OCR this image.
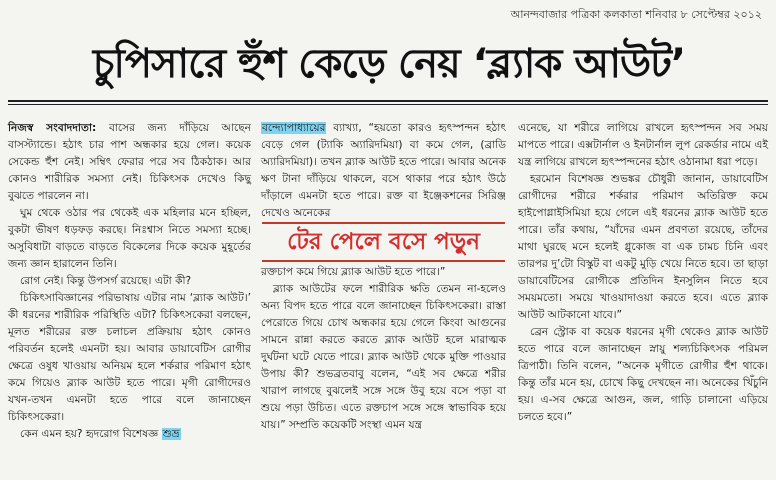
আনন্দবাজার পত্রিকা কলকাতা শনিবার ৮ সেপ্টেম্বর ২০১২
চুপিসারে হুঁশ কেড়ে নেয় ‘ব্ল্যাক আউট’

নিজস্ব সংবাদদাতা: বাসের জন্য দাঁড়িয়ে আছেন বাসস্ট্যান্ডে। হঠাৎ চার পাশ অন্ধকার হয়ে গেল। কয়েক সেকেন্ড হুঁশ নেই। সম্বিৎ ফেরার পরে সব ঠিকঠাক। আর কোনও শারীরিক সমস্যা নেই। চিকিৎসক দেখেও কিছু বুঝতে পারলেন না।

ঘুম থেকে ওঠার পর থেকেই এক মহিলার মনে হচ্ছিল, বুকটা ভীষণ ধড়ফড় করছে। নিঃশ্বাস নিতে সমস্যা হচ্ছে। অসুবিধাটা বাড়তে বাড়তে বিকেলের দিকে কয়েক মুহূর্তের জন্য জ্ঞান হারালেন তিনি।

রোগ নেই। কিন্তু উপসর্গ রয়েছে। এটা কী?

চিকিৎসাবিজ্ঞানের পরিভাষায় এটার নাম ‘ব্ল্যাক আউট।’ কী ধরনের শারীরিক পরিস্থিতি এটা? চিকিৎসকেরা বলছেন, মূলত শরীরের রক্ত চলাচল প্রক্রিয়ায় হঠাৎ কোনও পরিবর্তন হলেই এমনটা হয়। আবার ডায়াবেটিস রোগীর ক্ষেত্রে ওষুধ খাওয়ায় অনিয়ম হলে শর্করার পরিমাণ হঠাৎ কমে গিয়েও ব্ল্যাক আউট হতে পারে। মৃগী রোগীদেরও যখন-তখন এমনটা হতে পারে বলে জানাচ্ছেন চিকিৎসকেরা।

কেন এমন হয়? হৃদরোগ বিশেষজ্ঞ শুভ্র

বন্দ্যোপাধ্যায়ের ব্যাখ্যা, “হয়তো কারও হৃৎস্পন্দন হঠাৎ বেড়ে গেল (ট্যাকি অ্যারিদমিয়া) বা কমে গেল, (ব্রাডি অ্যারিদমিয়া)। তখন ব্ল্যাক আউট হতে পারে। আবার অনেক ক্ষণ টানা দাঁড়িয়ে থাকলে, বসে থাকার পরে হঠাৎ উঠে দাঁড়ালে এমনটা হতে পারে। রক্ত বা ইঞ্জেকশনের সিরিঞ্জ দেখেও অনেকের

টের পেলে বসে পড়ুন

রক্তচাপ কমে গিয়ে ব্ল্যাক আউট হতে পারে।”

ব্ল্যাক আউটের ফলে শারীরিক ক্ষতি তেমন না-হলেও অন্য বিপদ হতে পারে বলে জানাচ্ছেন চিকিৎসকেরা। রাস্তা পেরোতে গিয়ে চোখ অন্ধকার হয়ে গেলে কিংবা আগুনের সামনে রান্না করতে করতে ব্ল্যাক আউট হলে মারাত্মক দুর্ঘটনা ঘটে যেতে পারে। ব্ল্যাক আউট থেকে মুক্তি পাওয়ার উপায় কী? শুভব্রতবাবু বলেন, “এই সব ক্ষেত্রে শরীর খারাপ লাগছে বুঝলেই সঙ্গে সঙ্গে উবু হয়ে বসে পড়া বা শুয়ে পড়া উচিত। এতে রক্তচাপ সঙ্গে সঙ্গে স্বাভাবিক হয়ে যায়।” সম্প্রতি কয়েকটি সংস্থা এমন যন্ত্র

এনেছে, যা শরীরে লাগিয়ে রাখলে হৃৎস্পন্দন সব সময় মাপতে পারে। এক্সটার্নাল ও ইনটার্নাল লুপ রেকর্ডার নামে এই যন্ত্র লাগিয়ে রাখলে হৃৎস্পন্দনের হঠাৎ ওঠানামা ধরা পড়ে।

হরমোন বিশেষজ্ঞ শুভঙ্কর চৌধুরী জানান, ডায়াবেটিস রোগীদের শরীরে শর্করার পরিমাণ অতিরিক্ত কমে হাইপোগ্লাইসিমিয়া হয়ে গেলে এই ধরনের ব্ল্যাক আউট হতে পারে। তাঁর কথায়, “যাঁদের এমন প্রবণতা রয়েছে, তাঁদের মাথা ঘুরছে মনে হলেই গ্লুকোজ বা এক চামচ চিনি এবং তারপর দু’টো বিস্কুট বা একটু মুড়ি খেয়ে নিতে হবে। তা ছাড়া ডায়াবেটিসের রোগীকে প্রতিদিন ইনসুলিন নিতে হবে সময়মতো। সময়ে খাওয়াদাওয়া করতে হবে। এতে ব্ল্যাক আউট আটকানো যাবে।”

ব্রেন স্ট্রোক বা কয়েক ধরনের মৃগী থেকেও ব্ল্যাক আউট হতে পারে বলে জানাচ্ছেন স্নায়ু শল্যচিকিৎসক পরিমল ত্রিপাঠী। তিনি বলেন, “অনেক মৃগীতে রোগীর হুঁশ থাকে। কিন্তু তাঁর মনে হয়, চোখে কিছু দেখছেন না। অনেকের খিঁচুনি হয়। এ-সব ক্ষেত্রে আগুন, জল, গাড়ি চালানো এড়িয়ে চলতে হবে।”
